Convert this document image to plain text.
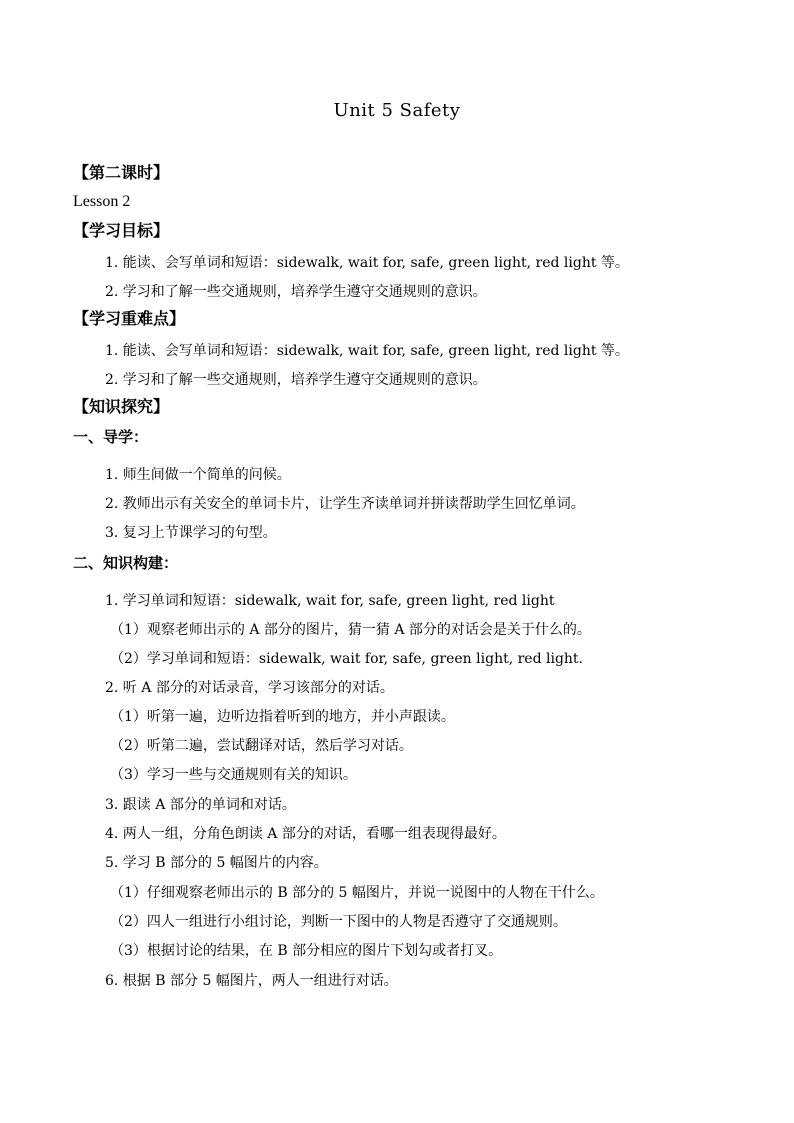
Unit 5 Safety
【第二课时】
Lesson 2
【学习目标】
1. 能读、会写单词和短语：sidewalk, wait for, safe, green light, red light 等。
2. 学习和了解一些交通规则，培养学生遵守交通规则的意识。
【学习重难点】
1. 能读、会写单词和短语：sidewalk, wait for, safe, green light, red light 等。
2. 学习和了解一些交通规则，培养学生遵守交通规则的意识。
【知识探究】
一、导学：
1. 师生间做一个简单的问候。
2. 教师出示有关安全的单词卡片，让学生齐读单词并拼读帮助学生回忆单词。
3. 复习上节课学习的句型。
二、知识构建：
1. 学习单词和短语：sidewalk, wait for, safe, green light, red light
（1）观察老师出示的 A 部分的图片，猜一猜 A 部分的对话会是关于什么的。
（2）学习单词和短语：sidewalk, wait for, safe, green light, red light.
2. 听 A 部分的对话录音，学习该部分的对话。
（1）听第一遍，边听边指着听到的地方，并小声跟读。
（2）听第二遍，尝试翻译对话，然后学习对话。
（3）学习一些与交通规则有关的知识。
3. 跟读 A 部分的单词和对话。
4. 两人一组，分角色朗读 A 部分的对话，看哪一组表现得最好。
5. 学习 B 部分的 5 幅图片的内容。
（1）仔细观察老师出示的 B 部分的 5 幅图片，并说一说图中的人物在干什么。
（2）四人一组进行小组讨论，判断一下图中的人物是否遵守了交通规则。
（3）根据讨论的结果，在 B 部分相应的图片下划勾或者打叉。
6. 根据 B 部分 5 幅图片，两人一组进行对话。
